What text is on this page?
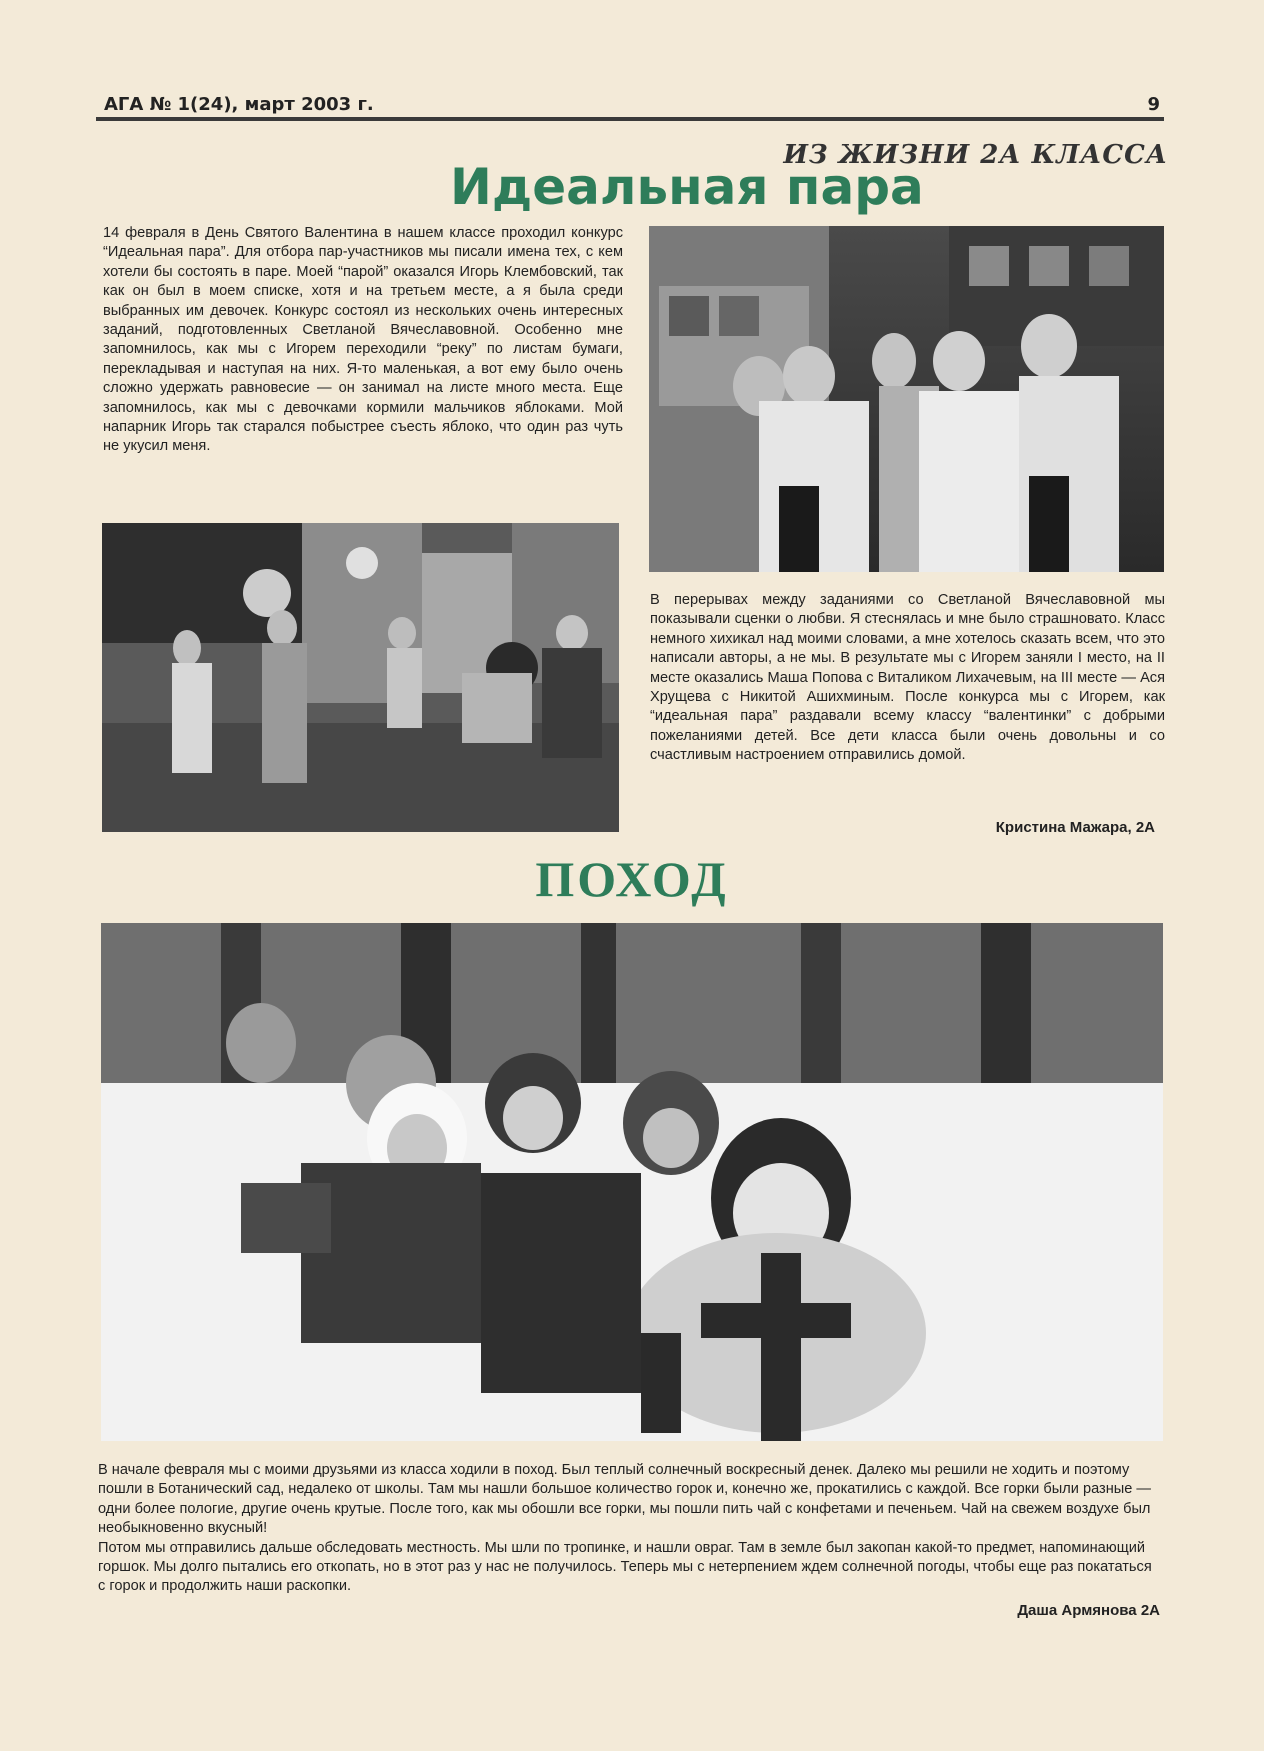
АГА № 1(24), март 2003 г.	9
ИЗ ЖИЗНИ 2А КЛАССА
Идеальная пара
14 февраля в День Святого Валентина в нашем классе проходил конкурс “Идеальная пара”. Для отбора пар-участников мы писали имена тех, с кем хотели бы состоять в паре. Моей “парой” оказался Игорь Клембовский, так как он был в моем списке, хотя и на третьем месте, а я была среди выбранных им девочек. Конкурс состоял из нескольких очень интересных заданий, подготовленных Светланой Вячеславовной. Особенно мне запомнилось, как мы с Игорем переходили “реку” по листам бумаги, перекладывая и наступая на них. Я-то маленькая, а вот ему было очень сложно удержать равновесие — он занимал на листе много места. Еще запомнилось, как мы с девочками кормили мальчиков яблоками. Мой напарник Игорь так старался побыстрее съесть яблоко, что один раз чуть не укусил меня.
В перерывах между заданиями со Светланой Вячеславовной мы показывали сценки о любви. Я стеснялась и мне было страшновато. Класс немного хихикал над моими словами, а мне хотелось сказать всем, что это написали авторы, а не мы. В результате мы с Игорем заняли I место, на II месте оказались Маша Попова с Виталиком Лихачевым, на III месте — Ася Хрущева с Никитой Ашихминым. После конкурса мы с Игорем, как “идеальная пара” раздавали всему классу “валентинки” с добрыми пожеланиями детей. Все дети класса были очень довольны и со счастливым настроением отправились домой.
Кристина Мажара, 2А
ПОХОД

В начале февраля мы с моими друзьями из класса ходили в поход. Был теплый солнечный воскресный денек. Далеко мы решили не ходить и поэтому пошли в Ботанический сад, недалеко от школы. Там мы нашли большое количество горок и, конечно же, прокатились с каждой. Все горки были разные — одни более пологие, другие очень крутые. После того, как мы обошли все горки, мы пошли пить чай с конфетами и печеньем. Чай на свежем воздухе был необыкновенно вкусный!

Потом мы отправились дальше обследовать местность. Мы шли по тропинке, и нашли овраг. Там в земле был закопан какой-то предмет, напоминающий горшок. Мы долго пытались его откопать, но в этот раз у нас не получилось. Теперь мы с нетерпением ждем солнечной погоды, чтобы еще раз покататься с горок и продолжить наши раскопки.

Даша Армянова 2А
